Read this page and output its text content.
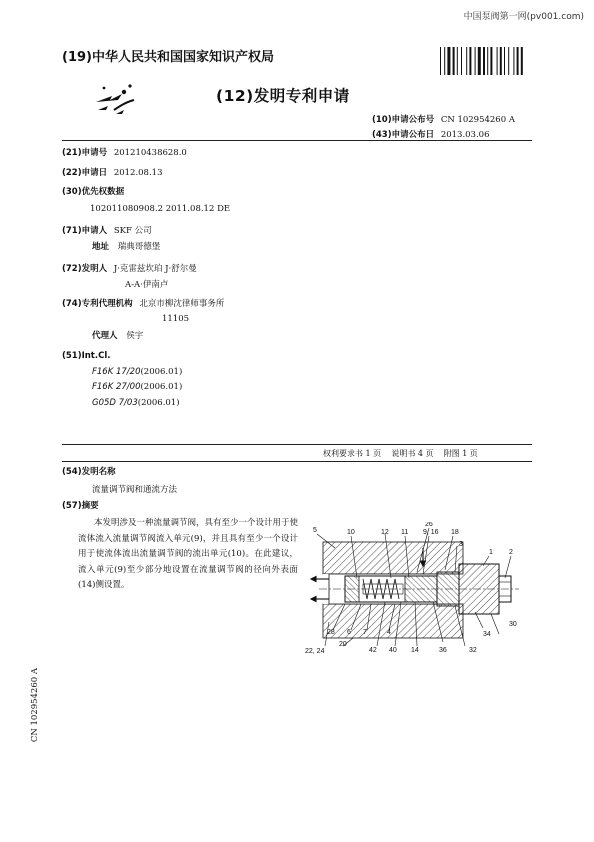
中国泵阀第一网(pv001.com)
(19)中华人民共和国国家知识产权局
(12)发明专利申请
(10)申请公布号 CN 102954260 A
(43)申请公布日 2013.03.06
(21)申请号 201210438628.0
(22)申请日 2012.08.13
(30)优先权数据
102011080908.2 2011.08.12 DE
(71)申请人 SKF 公司
地址 瑞典哥德堡
(72)发明人 J·克雷兹坎珀 J·舒尔曼
A-A·伊南卢
(74)专利代理机构 北京市柳沈律师事务所
11105
代理人 侯宇
(51)Int.Cl.
F16K 17/20(2006.01)
F16K 27/00(2006.01)
G05D 7/03(2006.01)
权利要求书 1 页    说明书 4 页    附图 1 页
(54)发明名称
流量调节阀和通流方法
(57)摘要
本发明涉及一种流量调节阀，具有至少一个设计用于使流体流入流量调节阀流入单元(9)，并且具有至少一个设计用于使流体流出流量调节阀的流出单元(10)。在此建议，流入单元(9)至少部分地设置在流量调节阀的径向外表面(14)侧设置。
CN 102954260 A
5	10	12 11 9, 16 18
26
3
1 2
30
34
32
36
14
40
42
20
22, 24
28 6 7	4
